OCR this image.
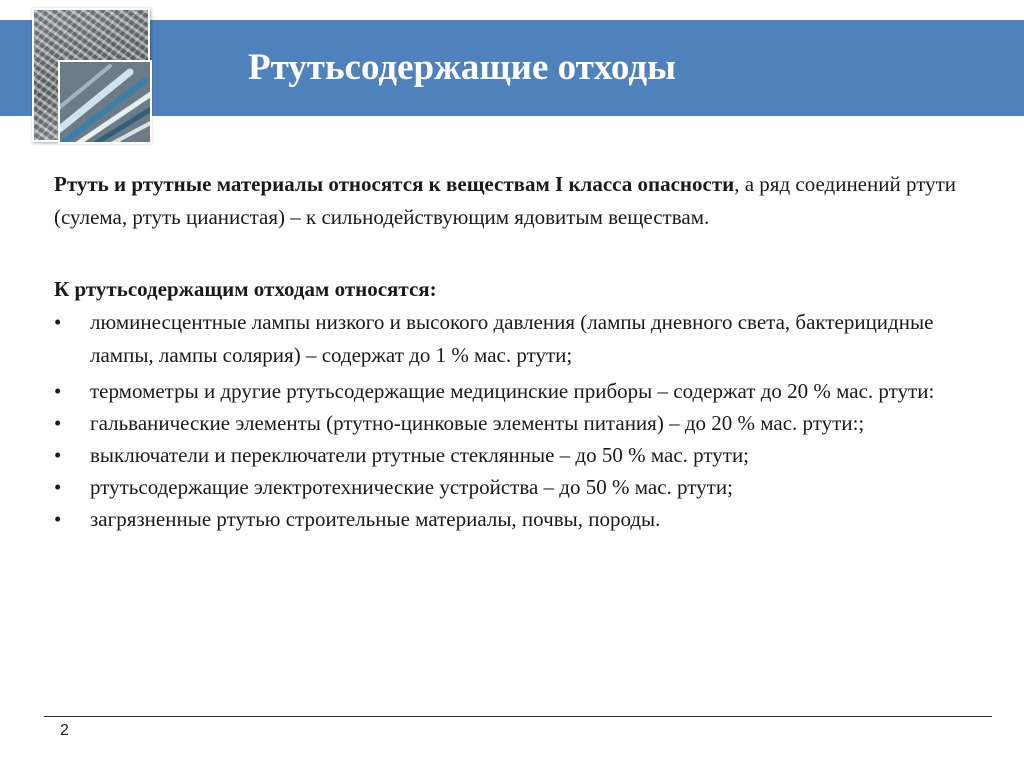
Ртутьсодержащие отходы

Ртуть и ртутные материалы относятся к веществам I класса опасности, а ряд соединений ртути (сулема, ртуть цианистая) – к сильнодействующим ядовитым веществам.

К ртутьсодержащим отходам относятся:

• люминесцентные лампы низкого и высокого давления (лампы дневного света, бактерицидные лампы, лампы солярия) – содержат до 1 % мас. ртути;
• термометры и другие ртутьсодержащие медицинские приборы – содержат до 20 % мас. ртути:
• гальванические элементы (ртутно-цинковые элементы питания) – до 20 % мас. ртути:;
• выключатели и переключатели ртутные стеклянные – до 50 % мас. ртути;
• ртутьсодержащие электротехнические устройства – до 50 % мас. ртути;
• загрязненные ртутью строительные материалы, почвы, породы.
2
